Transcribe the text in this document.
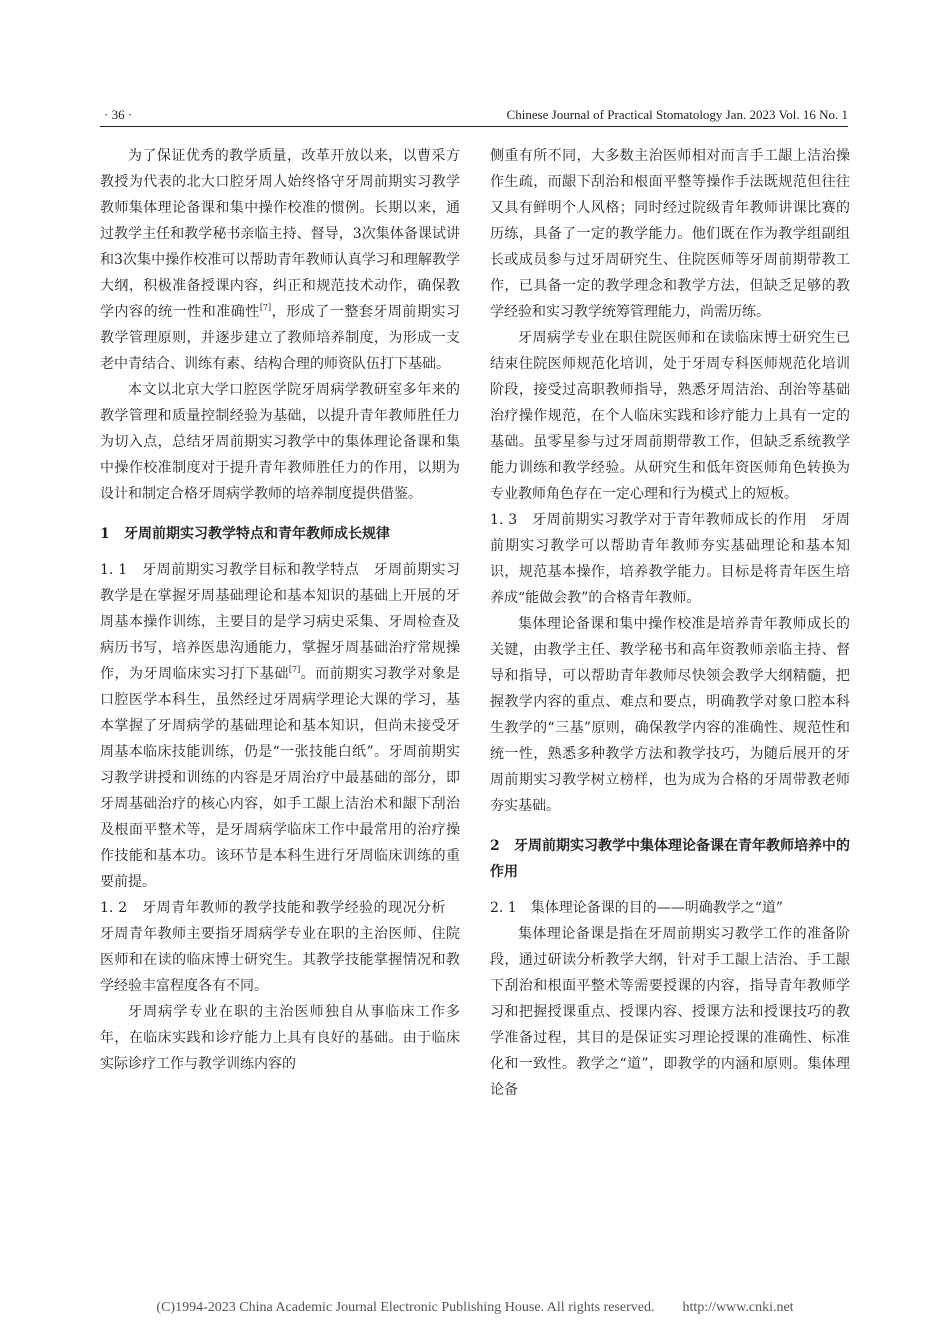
· 36 ·	Chinese Journal of Practical Stomatology Jan. 2023 Vol. 16 No. 1

为了保证优秀的教学质量，改革开放以来，以曹采方教授为代表的北大口腔牙周人始终恪守牙周前期实习教学教师集体理论备课和集中操作校准的惯例。长期以来，通过教学主任和教学秘书亲临主持、督导，3次集体备课试讲和3次集中操作校准可以帮助青年教师认真学习和理解教学大纲，积极准备授课内容，纠正和规范技术动作，确保教学内容的统一性和准确性[7]，形成了一整套牙周前期实习教学管理原则，并逐步建立了教师培养制度，为形成一支老中青结合、训练有素、结构合理的师资队伍打下基础。

本文以北京大学口腔医学院牙周病学教研室多年来的教学管理和质量控制经验为基础，以提升青年教师胜任力为切入点，总结牙周前期实习教学中的集体理论备课和集中操作校准制度对于提升青年教师胜任力的作用，以期为设计和制定合格牙周病学教师的培养制度提供借鉴。

1 牙周前期实习教学特点和青年教师成长规律

1. 1　牙周前期实习教学目标和教学特点　牙周前期实习教学是在掌握牙周基础理论和基本知识的基础上开展的牙周基本操作训练，主要目的是学习病史采集、牙周检查及病历书写，培养医患沟通能力，掌握牙周基础治疗常规操作，为牙周临床实习打下基础[7]。而前期实习教学对象是口腔医学本科生，虽然经过牙周病学理论大课的学习，基本掌握了牙周病学的基础理论和基本知识，但尚未接受牙周基本临床技能训练，仍是“一张技能白纸”。牙周前期实习教学讲授和训练的内容是牙周治疗中最基础的部分，即牙周基础治疗的核心内容，如手工龈上洁治术和龈下刮治及根面平整术等，是牙周病学临床工作中最常用的治疗操作技能和基本功。该环节是本科生进行牙周临床训练的重要前提。

1. 2　牙周青年教师的教学技能和教学经验的现况分析　牙周青年教师主要指牙周病学专业在职的主治医师、住院医师和在读的临床博士研究生。其教学技能掌握情况和教学经验丰富程度各有不同。

牙周病学专业在职的主治医师独自从事临床工作多年，在临床实践和诊疗能力上具有良好的基础。由于临床实际诊疗工作与教学训练内容的

侧重有所不同，大多数主治医师相对而言手工龈上洁治操作生疏，而龈下刮治和根面平整等操作手法既规范但往往又具有鲜明个人风格；同时经过院级青年教师讲课比赛的历练，具备了一定的教学能力。他们既在作为教学组副组长或成员参与过牙周研究生、住院医师等牙周前期带教工作，已具备一定的教学理念和教学方法，但缺乏足够的教学经验和实习教学统筹管理能力，尚需历练。

牙周病学专业在职住院医师和在读临床博士研究生已结束住院医师规范化培训，处于牙周专科医师规范化培训阶段，接受过高职教师指导，熟悉牙周洁治、刮治等基础治疗操作规范，在个人临床实践和诊疗能力上具有一定的基础。虽零星参与过牙周前期带教工作，但缺乏系统教学能力训练和教学经验。从研究生和低年资医师角色转换为专业教师角色存在一定心理和行为模式上的短板。

1. 3　牙周前期实习教学对于青年教师成长的作用　牙周前期实习教学可以帮助青年教师夯实基础理论和基本知识，规范基本操作，培养教学能力。目标是将青年医生培养成“能做会教”的合格青年教师。

集体理论备课和集中操作校准是培养青年教师成长的关键，由教学主任、教学秘书和高年资教师亲临主持、督导和指导，可以帮助青年教师尽快领会教学大纲精髓，把握教学内容的重点、难点和要点，明确教学对象口腔本科生教学的“三基”原则，确保教学内容的准确性、规范性和统一性，熟悉多种教学方法和教学技巧，为随后展开的牙周前期实习教学树立榜样，也为成为合格的牙周带教老师夯实基础。

2 牙周前期实习教学中集体理论备课在青年教师培养中的作用

2. 1　集体理论备课的目的——明确教学之“道”

集体理论备课是指在牙周前期实习教学工作的准备阶段，通过研读分析教学大纲，针对手工龈上洁治、手工龈下刮治和根面平整术等需要授课的内容，指导青年教师学习和把握授课重点、授课内容、授课方法和授课技巧的教学准备过程，其目的是保证实习理论授课的准确性、标准化和一致性。教学之“道”，即教学的内涵和原则。集体理论备

(C)1994-2023 China Academic Journal Electronic Publishing House. All rights reserved.　　http://www.cnki.net
